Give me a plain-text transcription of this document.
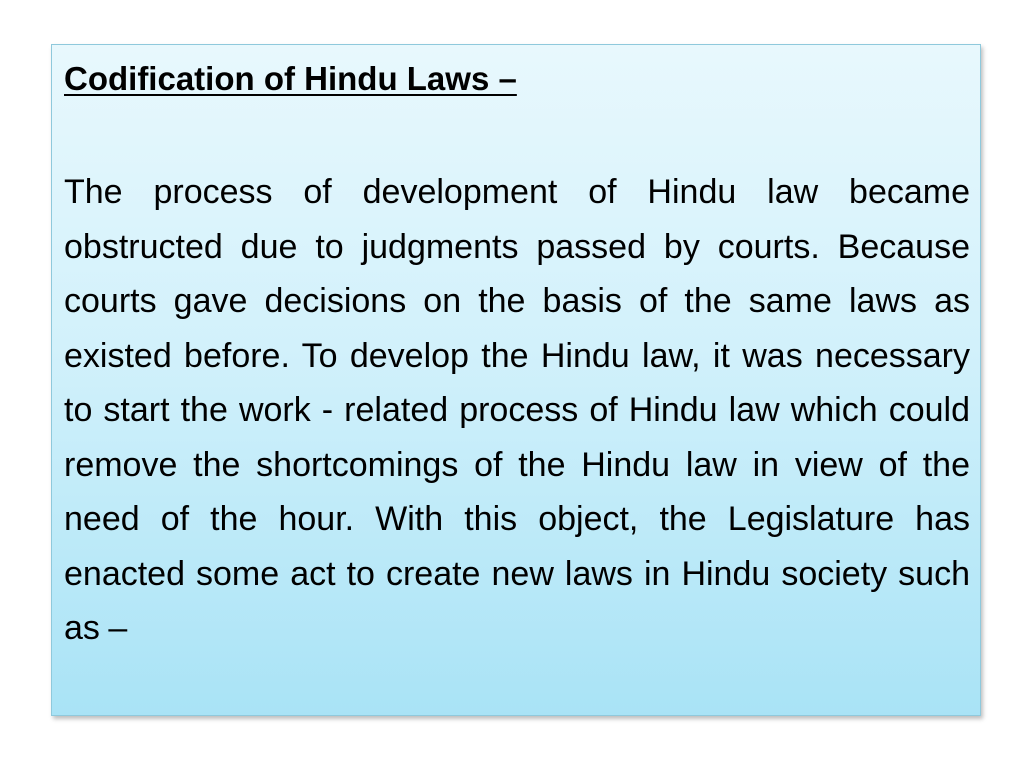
Codification of Hindu Laws –

The process of development of Hindu law became obstructed due to judgments passed by courts. Because courts gave decisions on the basis of the same laws as existed before. To develop the Hindu law, it was necessary to start the work - related process of Hindu law which could remove the shortcomings of the Hindu law in view of the need of the hour. With this object, the Legislature has enacted some act to create new laws in Hindu society such as –
